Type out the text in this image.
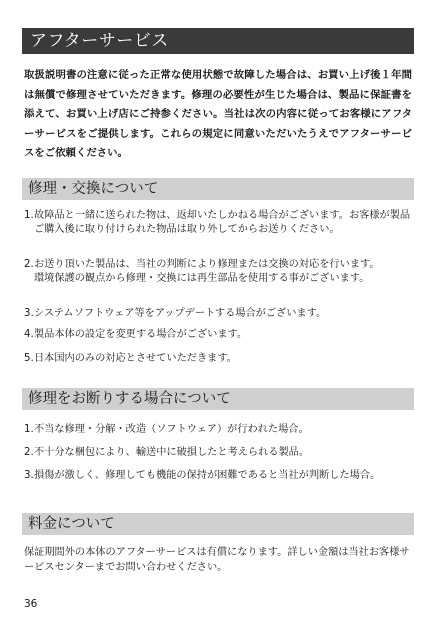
アフターサービス
取扱説明書の注意に従った正常な使用状態で故障した場合は、お買い上げ後１年間は無償で修理させていただきます。修理の必要性が生じた場合は、製品に保証書を添えて、お買い上げ店にご持参ください。当社は次の内容に従ってお客様にアフターサービスをご提供します。これらの規定に同意いただいたうえでアフターサービスをご依頼ください。
修理・交換について
1. 故障品と一緒に送られた物は、返却いたしかねる場合がございます。お客様が製品ご購入後に取り付けられた物品は取り外してからお送りください。
2. お送り頂いた製品は、当社の判断により修理または交換の対応を行います。
環境保護の観点から修理・交換には再生部品を使用する事がございます。
3. システムソフトウェア等をアップデートする場合がございます。
4. 製品本体の設定を変更する場合がございます。
5. 日本国内のみの対応とさせていただきます。
修理をお断りする場合について
1. 不当な修理・分解・改造（ソフトウェア）が行われた場合。
2. 不十分な梱包により、輸送中に破損したと考えられる製品。
3. 損傷が激しく、修理しても機能の保持が困難であると当社が判断した場合。
料金について
保証期間外の本体のアフターサービスは有償になります。詳しい金額は当社お客様サービスセンターまでお問い合わせください。
36
